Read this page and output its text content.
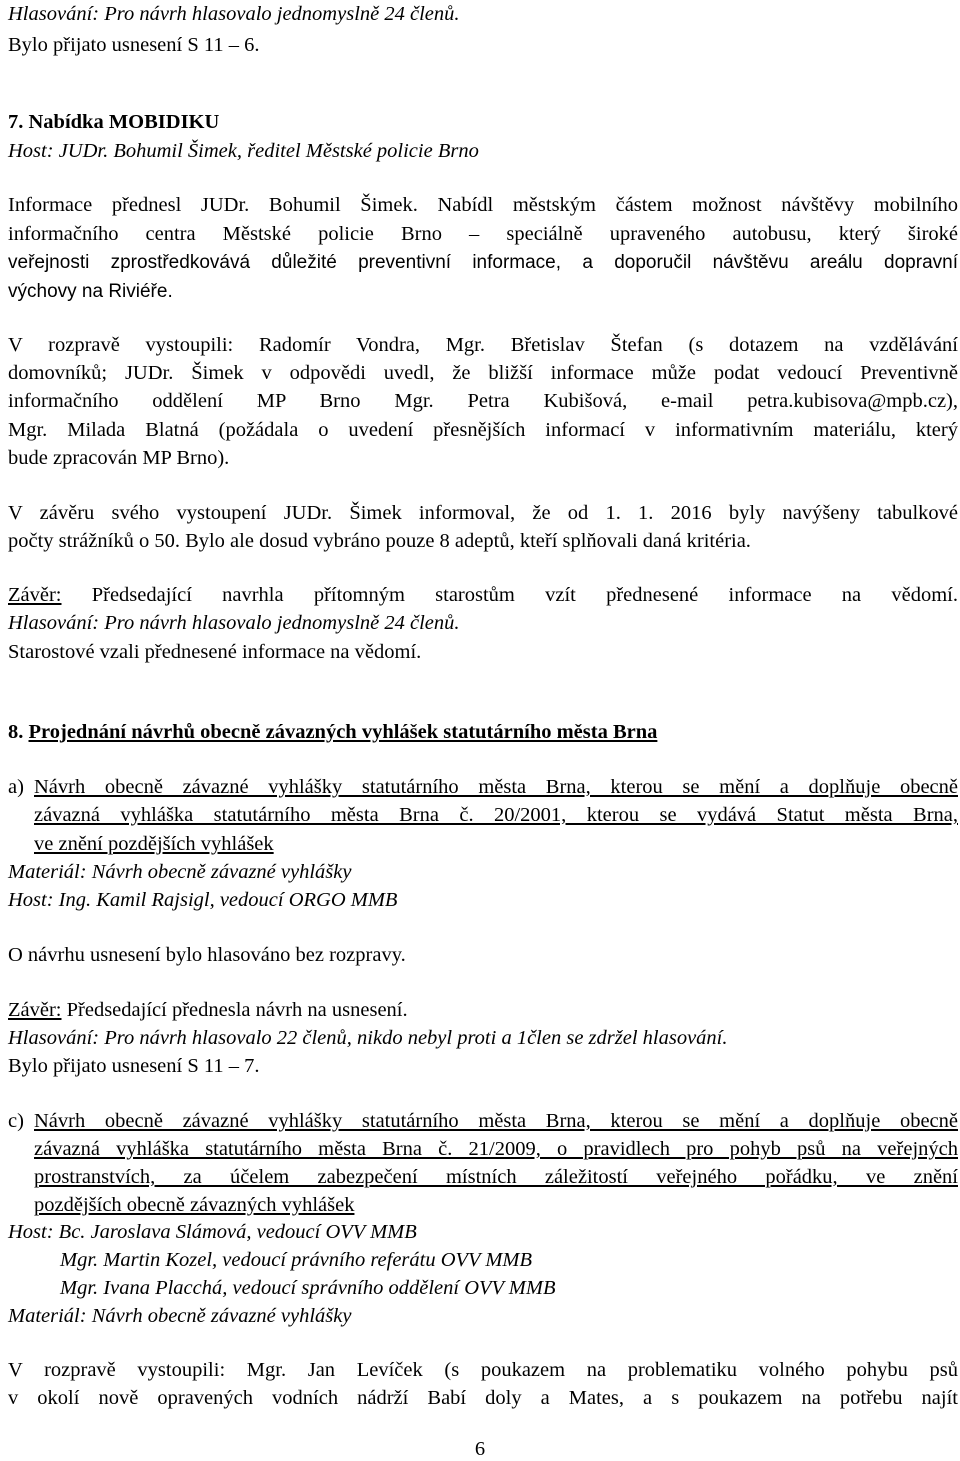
Hlasování: Pro návrh hlasovalo jednomyslně 24 členů.
Bylo přijato usnesení S 11 – 6.
7. Nabídka MOBIDIKU
Host: JUDr. Bohumil Šimek, ředitel Městské policie Brno
Informace přednesl JUDr. Bohumil Šimek. Nabídl městským částem možnost návštěvy mobilního
informačního centra Městské policie Brno – speciálně upraveného autobusu, který široké
veřejnosti zprostředkovává důležité preventivní informace, a doporučil návštěvu areálu dopravní
výchovy na Riviéře.
V rozpravě vystoupili: Radomír Vondra, Mgr. Břetislav Štefan (s dotazem na vzdělávání
domovníků; JUDr. Šimek v odpovědi uvedl, že bližší informace může podat vedoucí Preventivně
informačního oddělení MP Brno Mgr. Petra Kubišová, e-mail petra.kubisova@mpb.cz),
Mgr. Milada Blatná (požádala o uvedení přesnějších informací v informativním materiálu, který
bude zpracován MP Brno).
V závěru svého vystoupení JUDr. Šimek informoval, že od 1. 1. 2016 byly navýšeny tabulkové
počty strážníků o 50. Bylo ale dosud vybráno pouze 8 adeptů, kteří splňovali daná kritéria.
Závěr: Předsedající navrhla přítomným starostům vzít přednesené informace na vědomí.
Hlasování: Pro návrh hlasovalo jednomyslně 24 členů.
Starostové vzali přednesené informace na vědomí.
8. Projednání návrhů obecně závazných vyhlášek statutárního města Brna
a) Návrh obecně závazné vyhlášky statutárního města Brna, kterou se mění a doplňuje obecně
závazná vyhláška statutárního města Brna č. 20/2001, kterou se vydává Statut města Brna,
ve znění pozdějších vyhlášek
Materiál: Návrh obecně závazné vyhlášky
Host: Ing. Kamil Rajsigl, vedoucí ORGO MMB
O návrhu usnesení bylo hlasováno bez rozpravy.
Závěr: Předsedající přednesla návrh na usnesení.
Hlasování: Pro návrh hlasovalo 22 členů, nikdo nebyl proti a 1člen se zdržel hlasování.
Bylo přijato usnesení S 11 – 7.
c) Návrh obecně závazné vyhlášky statutárního města Brna, kterou se mění a doplňuje obecně
závazná vyhláška statutárního města Brna č. 21/2009, o pravidlech pro pohyb psů na veřejných
prostranstvích, za účelem zabezpečení místních záležitostí veřejného pořádku, ve znění
pozdějších obecně závazných vyhlášek
Host: Bc. Jaroslava Slámová, vedoucí OVV MMB
Mgr. Martin Kozel, vedoucí právního referátu OVV MMB
Mgr. Ivana Placchá, vedoucí správního oddělení OVV MMB
Materiál: Návrh obecně závazné vyhlášky
V rozpravě vystoupili: Mgr. Jan Levíček (s poukazem na problematiku volného pohybu psů
v okolí nově opravených vodních nádrží Babí doly a Mates, a s poukazem na potřebu najít
6
